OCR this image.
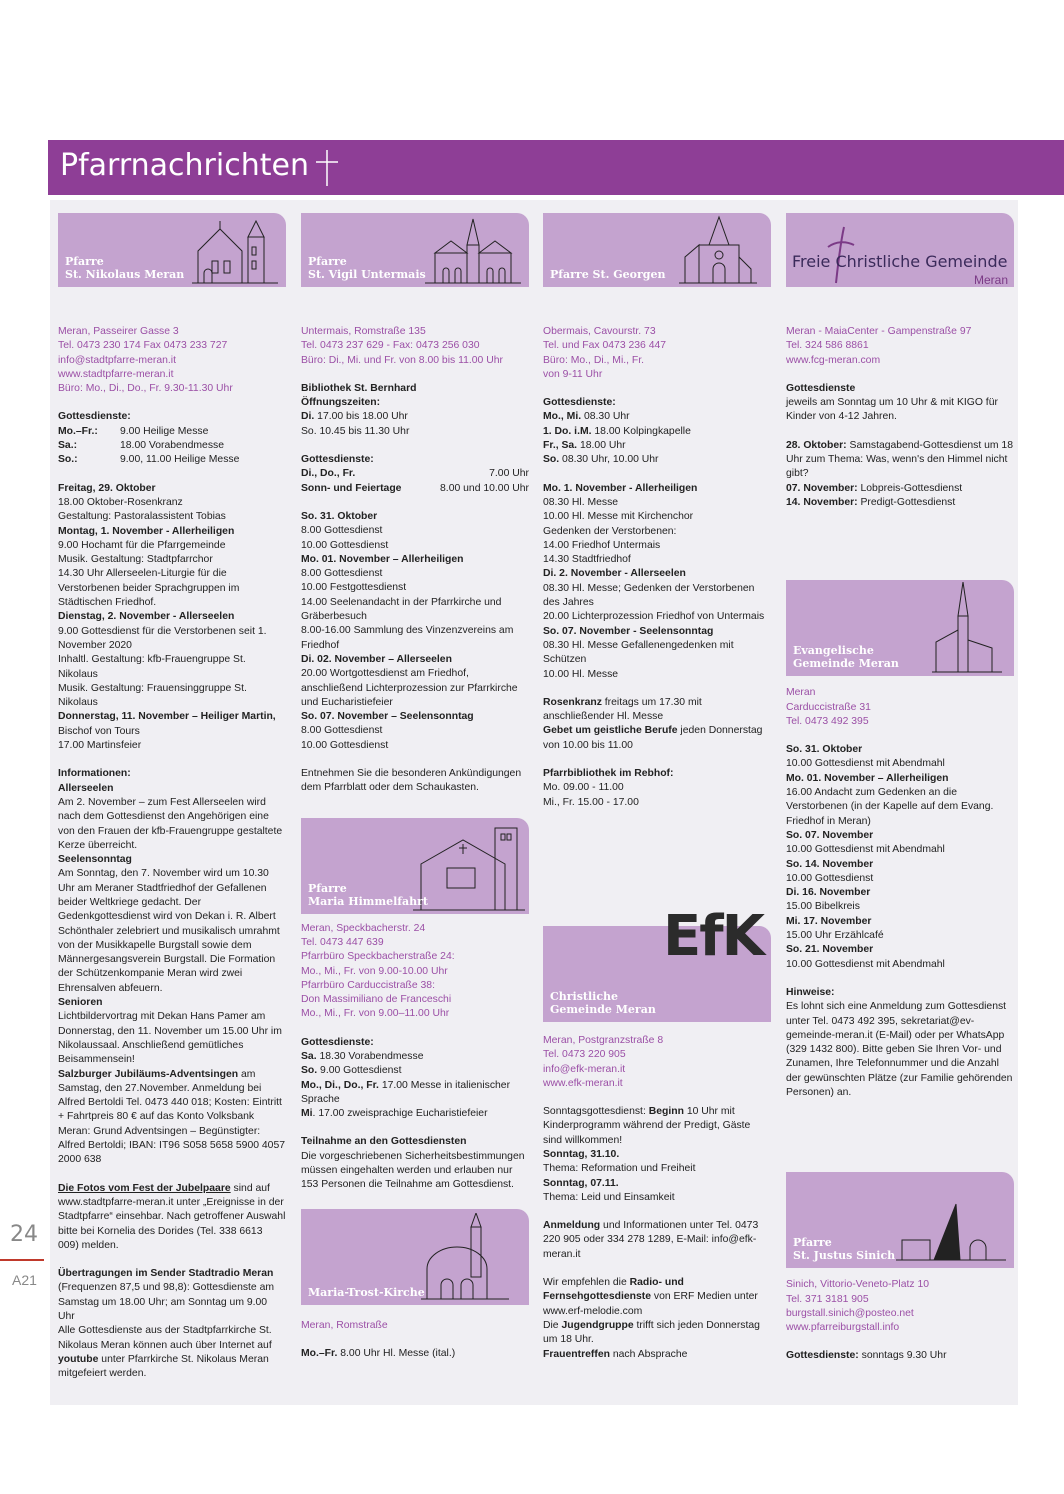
Pfarrnachrichten
24
A21
Pfarre
St. Nikolaus Meran
Meran, Passeirer Gasse 3
Tel. 0473 230 174 Fax 0473 233 727
info@stadtpfarre-meran.it
www.stadtpfarre-meran.it
Büro: Mo., Di., Do., Fr. 9.30-11.30 Uhr
Gottesdienste:
Mo.–Fr.:	9.00 Heilige Messe
Sa.:	18.00 Vorabendmesse
So.:	9.00, 11.00 Heilige Messe
Freitag, 29. Oktober
18.00 Oktober-Rosenkranz
Gestaltung: Pastoralassistent Tobias
Montag, 1. November - Allerheiligen
9.00 Hochamt für die Pfarrgemeinde
Musik. Gestaltung: Stadtpfarrchor
14.30 Uhr Allerseelen-Liturgie für die Verstorbenen beider Sprachgruppen im Städtischen Friedhof.
Dienstag, 2. November - Allerseelen
9.00 Gottesdienst für die Verstorbenen seit 1. November 2020
Inhaltl. Gestaltung: kfb-Frauengruppe St. Nikolaus
Musik. Gestaltung: Frauensinggruppe St. Nikolaus
Donnerstag, 11. November – Heiliger Martin, Bischof von Tours
17.00 Martinsfeier
Informationen:
Allerseelen
Am 2. November – zum Fest Allerseelen wird nach dem Gottesdienst den Angehörigen eine von den Frauen der kfb-Frauengruppe gestaltete Kerze überreicht.
Seelensonntag
Am Sonntag, den 7. November wird um 10.30 Uhr am Meraner Stadtfriedhof der Gefallenen beider Weltkriege gedacht. Der Gedenkgottesdienst wird von Dekan i. R. Albert Schönthaler zelebriert und musikalisch umrahmt von der Musikkapelle Burgstall sowie dem Männergesangsverein Burgstall. Die Formation der Schützenkompanie Meran wird zwei Ehrensalven abfeuern.
Senioren
Lichtbildervortrag mit Dekan Hans Pamer am Donnerstag, den 11. November um 15.00 Uhr im Nikolaussaal. Anschließend gemütliches Beisammensein!
Salzburger Jubiläums-Adventsingen am Samstag, den 27.November. Anmeldung bei Alfred Bertoldi Tel. 0473 440 018; Kosten: Eintritt + Fahrtpreis 80 € auf das Konto Volksbank Meran: Grund Adventsingen – Begünstigter: Alfred Bertoldi; IBAN: IT96 S058 5658 5900 4057 2000 638
Die Fotos vom Fest der Jubelpaare sind auf www.stadtpfarre-meran.it unter „Ereignisse in der Stadtpfarre“ einsehbar. Nach getroffener Auswahl bitte bei Kornelia des Dorides (Tel. 338 6613 009) melden.
Übertragungen im Sender Stadtradio Meran (Frequenzen 87,5 und 98,8): Gottesdienste am Samstag um 18.00 Uhr; am Sonntag um 9.00 Uhr
Alle Gottesdienste aus der Stadtpfarrkirche St. Nikolaus Meran können auch über Internet auf youtube unter Pfarrkirche St. Nikolaus Meran mitgefeiert werden.
Pfarre
St. Vigil Untermais
Untermais, Romstraße 135
Tel. 0473 237 629 - Fax: 0473 256 030
Büro: Di., Mi. und Fr. von 8.00 bis 11.00 Uhr
Bibliothek St. Bernhard
Öffnungszeiten:
Di. 17.00 bis 18.00 Uhr
So. 10.45 bis 11.30 Uhr
Gottesdienste:
Di., Do., Fr.	7.00 Uhr
Sonn- und Feiertage	8.00 und 10.00 Uhr
So. 31. Oktober
8.00 Gottesdienst
10.00 Gottesdienst
Mo. 01. November – Allerheiligen
8.00 Gottesdienst
10.00 Festgottesdienst
14.00 Seelenandacht in der Pfarrkirche und Gräberbesuch
8.00-16.00 Sammlung des Vinzenzvereins am Friedhof
Di. 02. November – Allerseelen
20.00 Wortgottesdienst am Friedhof, anschließend Lichterprozession zur Pfarrkirche und Eucharistiefeier
So. 07. November – Seelensonntag
8.00 Gottesdienst
10.00 Gottesdienst
Entnehmen Sie die besonderen Ankündigungen dem Pfarrblatt oder dem Schaukasten.
Pfarre
Maria Himmelfahrt
Meran, Speckbacherstr. 24
Tel. 0473 447 639
Pfarrbüro Speckbacherstraße 24:
Mo., Mi., Fr. von 9.00-10.00 Uhr
Pfarrbüro Carduccistraße 38:
Don Massimiliano de Franceschi
Mo., Mi., Fr. von 9.00–11.00 Uhr
Gottesdienste:
Sa. 18.30 Vorabendmesse
So. 9.00 Gottesdienst
Mo., Di., Do., Fr. 17.00 Messe in italienischer Sprache
Mi. 17.00 zweisprachige Eucharistiefeier
Teilnahme an den Gottesdiensten
Die vorgeschriebenen Sicherheitsbestimmungen müssen eingehalten werden und erlauben nur 153 Personen die Teilnahme am Gottesdienst.
Maria-Trost-Kirche
Meran, Romstraße
Mo.–Fr. 8.00 Uhr Hl. Messe (ital.)
Pfarre St. Georgen
Obermais, Cavourstr. 73
Tel. und Fax 0473 236 447
Büro: Mo., Di., Mi., Fr.
von 9-11 Uhr
Gottesdienste:
Mo., Mi. 08.30 Uhr
1. Do. i.M. 18.00 Kolpingkapelle
Fr., Sa. 18.00 Uhr
So. 08.30 Uhr, 10.00 Uhr
Mo. 1. November - Allerheiligen
08.30 Hl. Messe
10.00 Hl. Messe mit Kirchenchor
Gedenken der Verstorbenen:
14.00 Friedhof Untermais
14.30 Stadtfriedhof
Di. 2. November - Allerseelen
08.30 Hl. Messe; Gedenken der Verstorbenen des Jahres
20.00 Lichterprozession Friedhof von Untermais
So. 07. November - Seelensonntag
08.30 Hl. Messe Gefallenengedenken mit Schützen
10.00 Hl. Messe
Rosenkranz freitags um 17.30 mit anschließender Hl. Messe
Gebet um geistliche Berufe jeden Donnerstag von 10.00 bis 11.00
Pfarrbibliothek im Rebhof:
Mo. 09.00 - 11.00
Mi., Fr. 15.00 - 17.00
EfK
Christliche
Gemeinde Meran
Meran, Postgranzstraße 8
Tel. 0473 220 905
info@efk-meran.it
www.efk-meran.it
Sonntagsgottesdienst: Beginn 10 Uhr mit Kinderprogramm während der Predigt, Gäste sind willkommen!
Sonntag, 31.10.
Thema: Reformation und Freiheit
Sonntag, 07.11.
Thema: Leid und Einsamkeit
Anmeldung und Informationen unter Tel. 0473 220 905 oder 334 278 1289, E-Mail: info@efk-meran.it
Wir empfehlen die Radio- und Fernsehgottesdienste von ERF Medien unter www.erf-melodie.com
Die Jugendgruppe trifft sich jeden Donnerstag um 18 Uhr.
Frauentreffen nach Absprache
Freie Christliche Gemeinde
Meran
Meran - MaiaCenter - Gampenstraße 97
Tel. 324 586 8861
www.fcg-meran.com
Gottesdienste
jeweils am Sonntag um 10 Uhr & mit KIGO für Kinder von 4-12 Jahren.
28. Oktober: Samstagabend-Gottesdienst um 18 Uhr zum Thema: Was, wenn's den Himmel nicht gibt?
07. November: Lobpreis-Gottesdienst
14. November: Predigt-Gottesdienst
Evangelische
Gemeinde Meran
Meran
Carduccistraße 31
Tel. 0473 492 395
So. 31. Oktober
10.00 Gottesdienst mit Abendmahl
Mo. 01. November – Allerheiligen
16.00 Andacht zum Gedenken an die Verstorbenen (in der Kapelle auf dem Evang. Friedhof in Meran)
So. 07. November
10.00 Gottesdienst mit Abendmahl
So. 14. November
10.00 Gottesdienst
Di. 16. November
15.00 Bibelkreis
Mi. 17. November
15.00 Uhr Erzählcafé
So. 21. November
10.00 Gottesdienst mit Abendmahl
Hinweise:
Es lohnt sich eine Anmeldung zum Gottesdienst unter Tel. 0473 492 395, sekretariat@ev-gemeinde-meran.it (E-Mail) oder per WhatsApp (329 1432 800). Bitte geben Sie Ihren Vor- und Zunamen, Ihre Telefonnummer und die Anzahl der gewünschten Plätze (zur Familie gehörenden Personen) an.
Pfarre
St. Justus Sinich
Sinich, Vittorio-Veneto-Platz 10
Tel. 371 3181 905
burgstall.sinich@posteo.net
www.pfarreiburgstall.info
Gottesdienste: sonntags 9.30 Uhr
